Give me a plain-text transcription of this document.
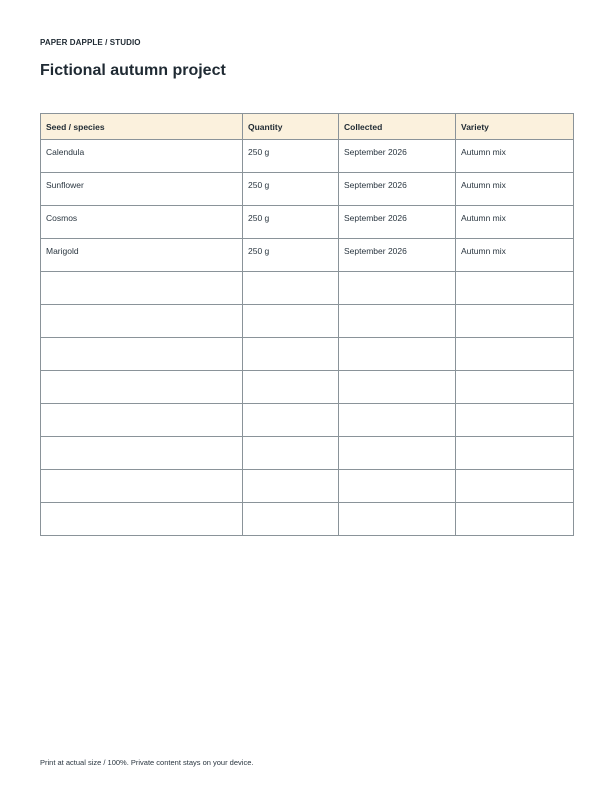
PAPER DAPPLE / STUDIO
Fictional autumn project
Seed / species	Quantity	Collected	Variety
Calendula	250 g	September 2026	Autumn mix
Sunflower	250 g	September 2026	Autumn mix
Cosmos	250 g	September 2026	Autumn mix
Marigold	250 g	September 2026	Autumn mix

Print at actual size / 100%. Private content stays on your device.
